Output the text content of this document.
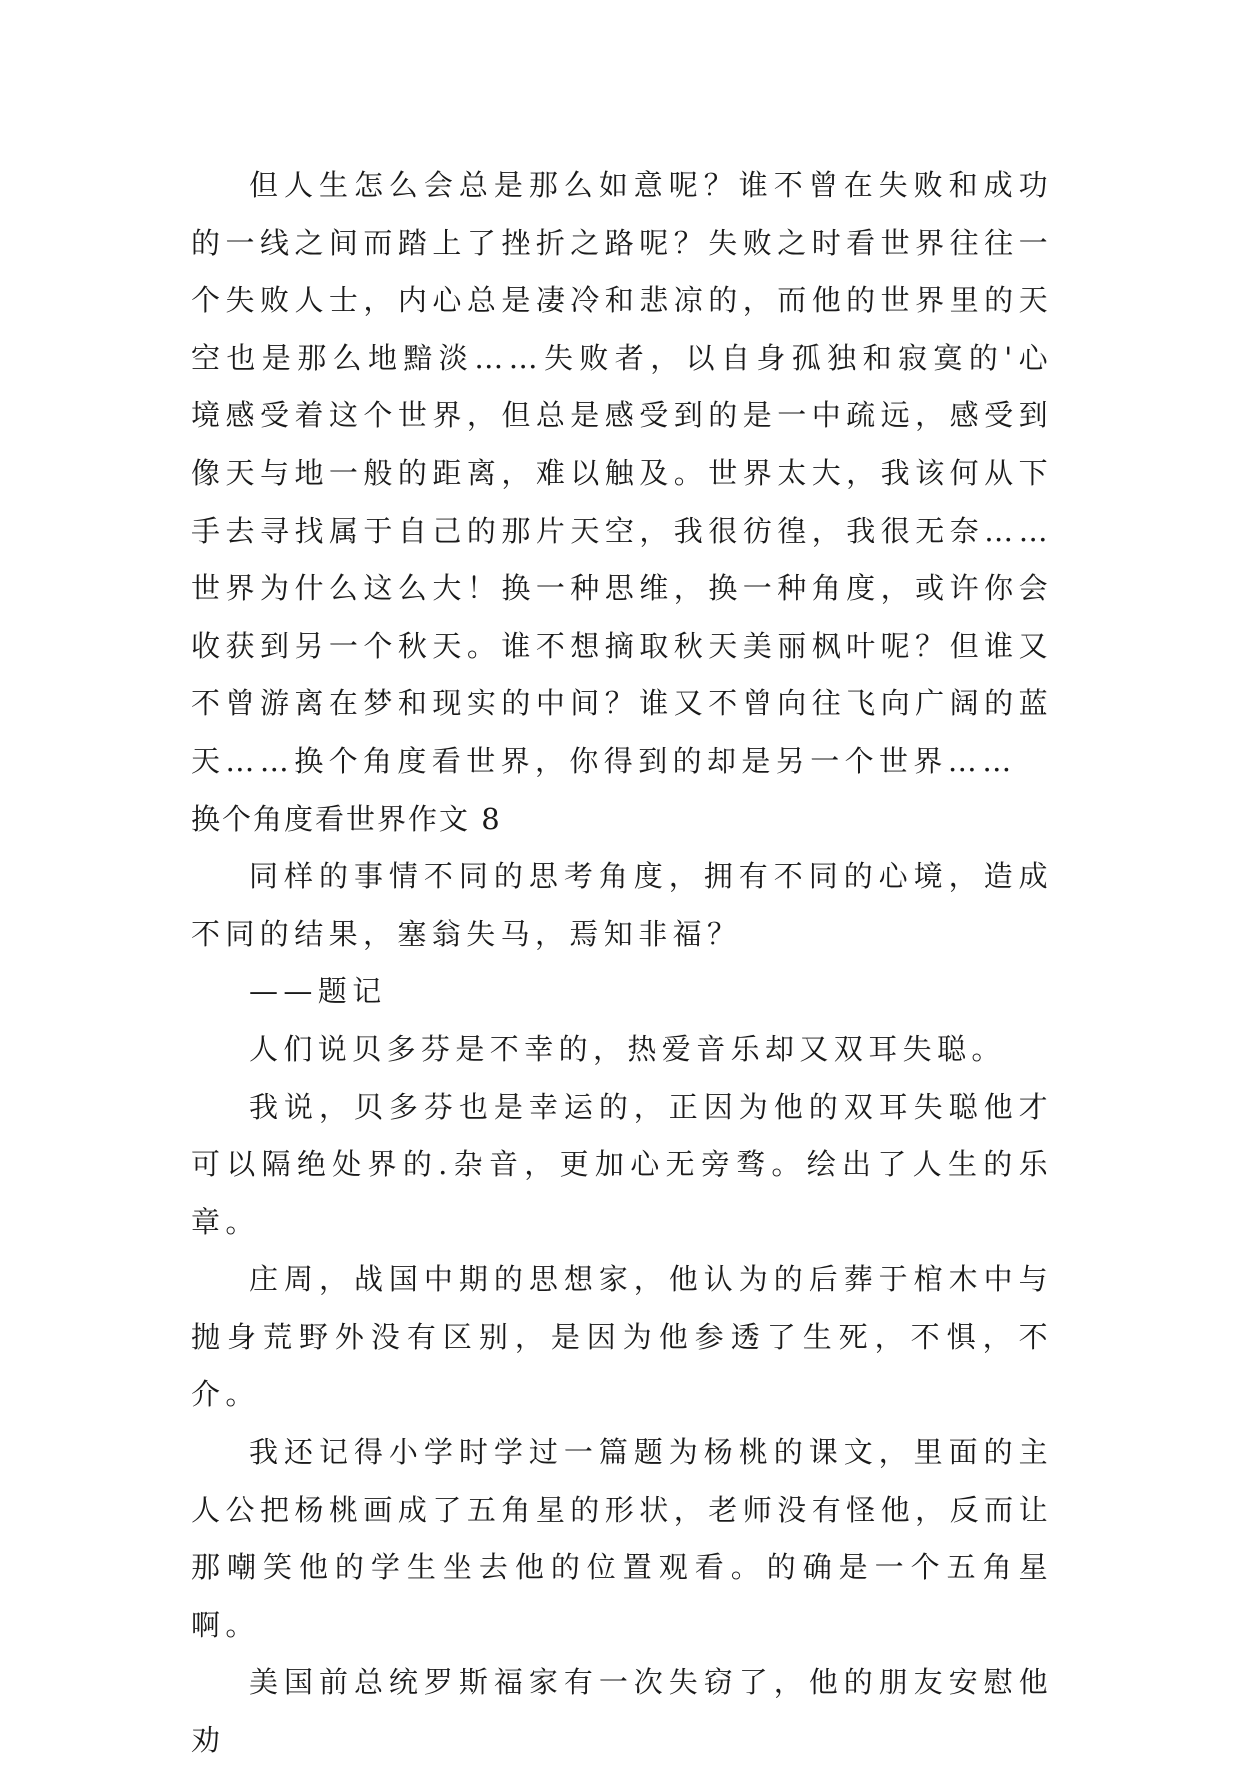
但人生怎么会总是那么如意呢？谁不曾在失败和成功的一线之间而踏上了挫折之路呢？失败之时看世界往往一个失败人士，内心总是凄冷和悲凉的，而他的世界里的天空也是那么地黯淡……失败者，以自身孤独和寂寞的'心境感受着这个世界，但总是感受到的是一中疏远，感受到像天与地一般的距离，难以触及。世界太大，我该何从下手去寻找属于自己的那片天空，我很彷徨，我很无奈……世界为什么这么大！换一种思维，换一种角度，或许你会收获到另一个秋天。谁不想摘取秋天美丽枫叶呢？但谁又不曾游离在梦和现实的中间？谁又不曾向往飞向广阔的蓝天……换个角度看世界，你得到的却是另一个世界……

换个角度看世界作文 8

同样的事情不同的思考角度，拥有不同的心境，造成不同的结果，塞翁失马，焉知非福？

——题记

人们说贝多芬是不幸的，热爱音乐却又双耳失聪。

我说，贝多芬也是幸运的，正因为他的双耳失聪他才可以隔绝处界的.杂音，更加心无旁骛。绘出了人生的乐章。

庄周，战国中期的思想家，他认为的后葬于棺木中与抛身荒野外没有区别，是因为他参透了生死，不惧，不介。

我还记得小学时学过一篇题为杨桃的课文，里面的主人公把杨桃画成了五角星的形状，老师没有怪他，反而让那嘲笑他的学生坐去他的位置观看。的确是一个五角星啊。

美国前总统罗斯福家有一次失窃了，他的朋友安慰他劝
